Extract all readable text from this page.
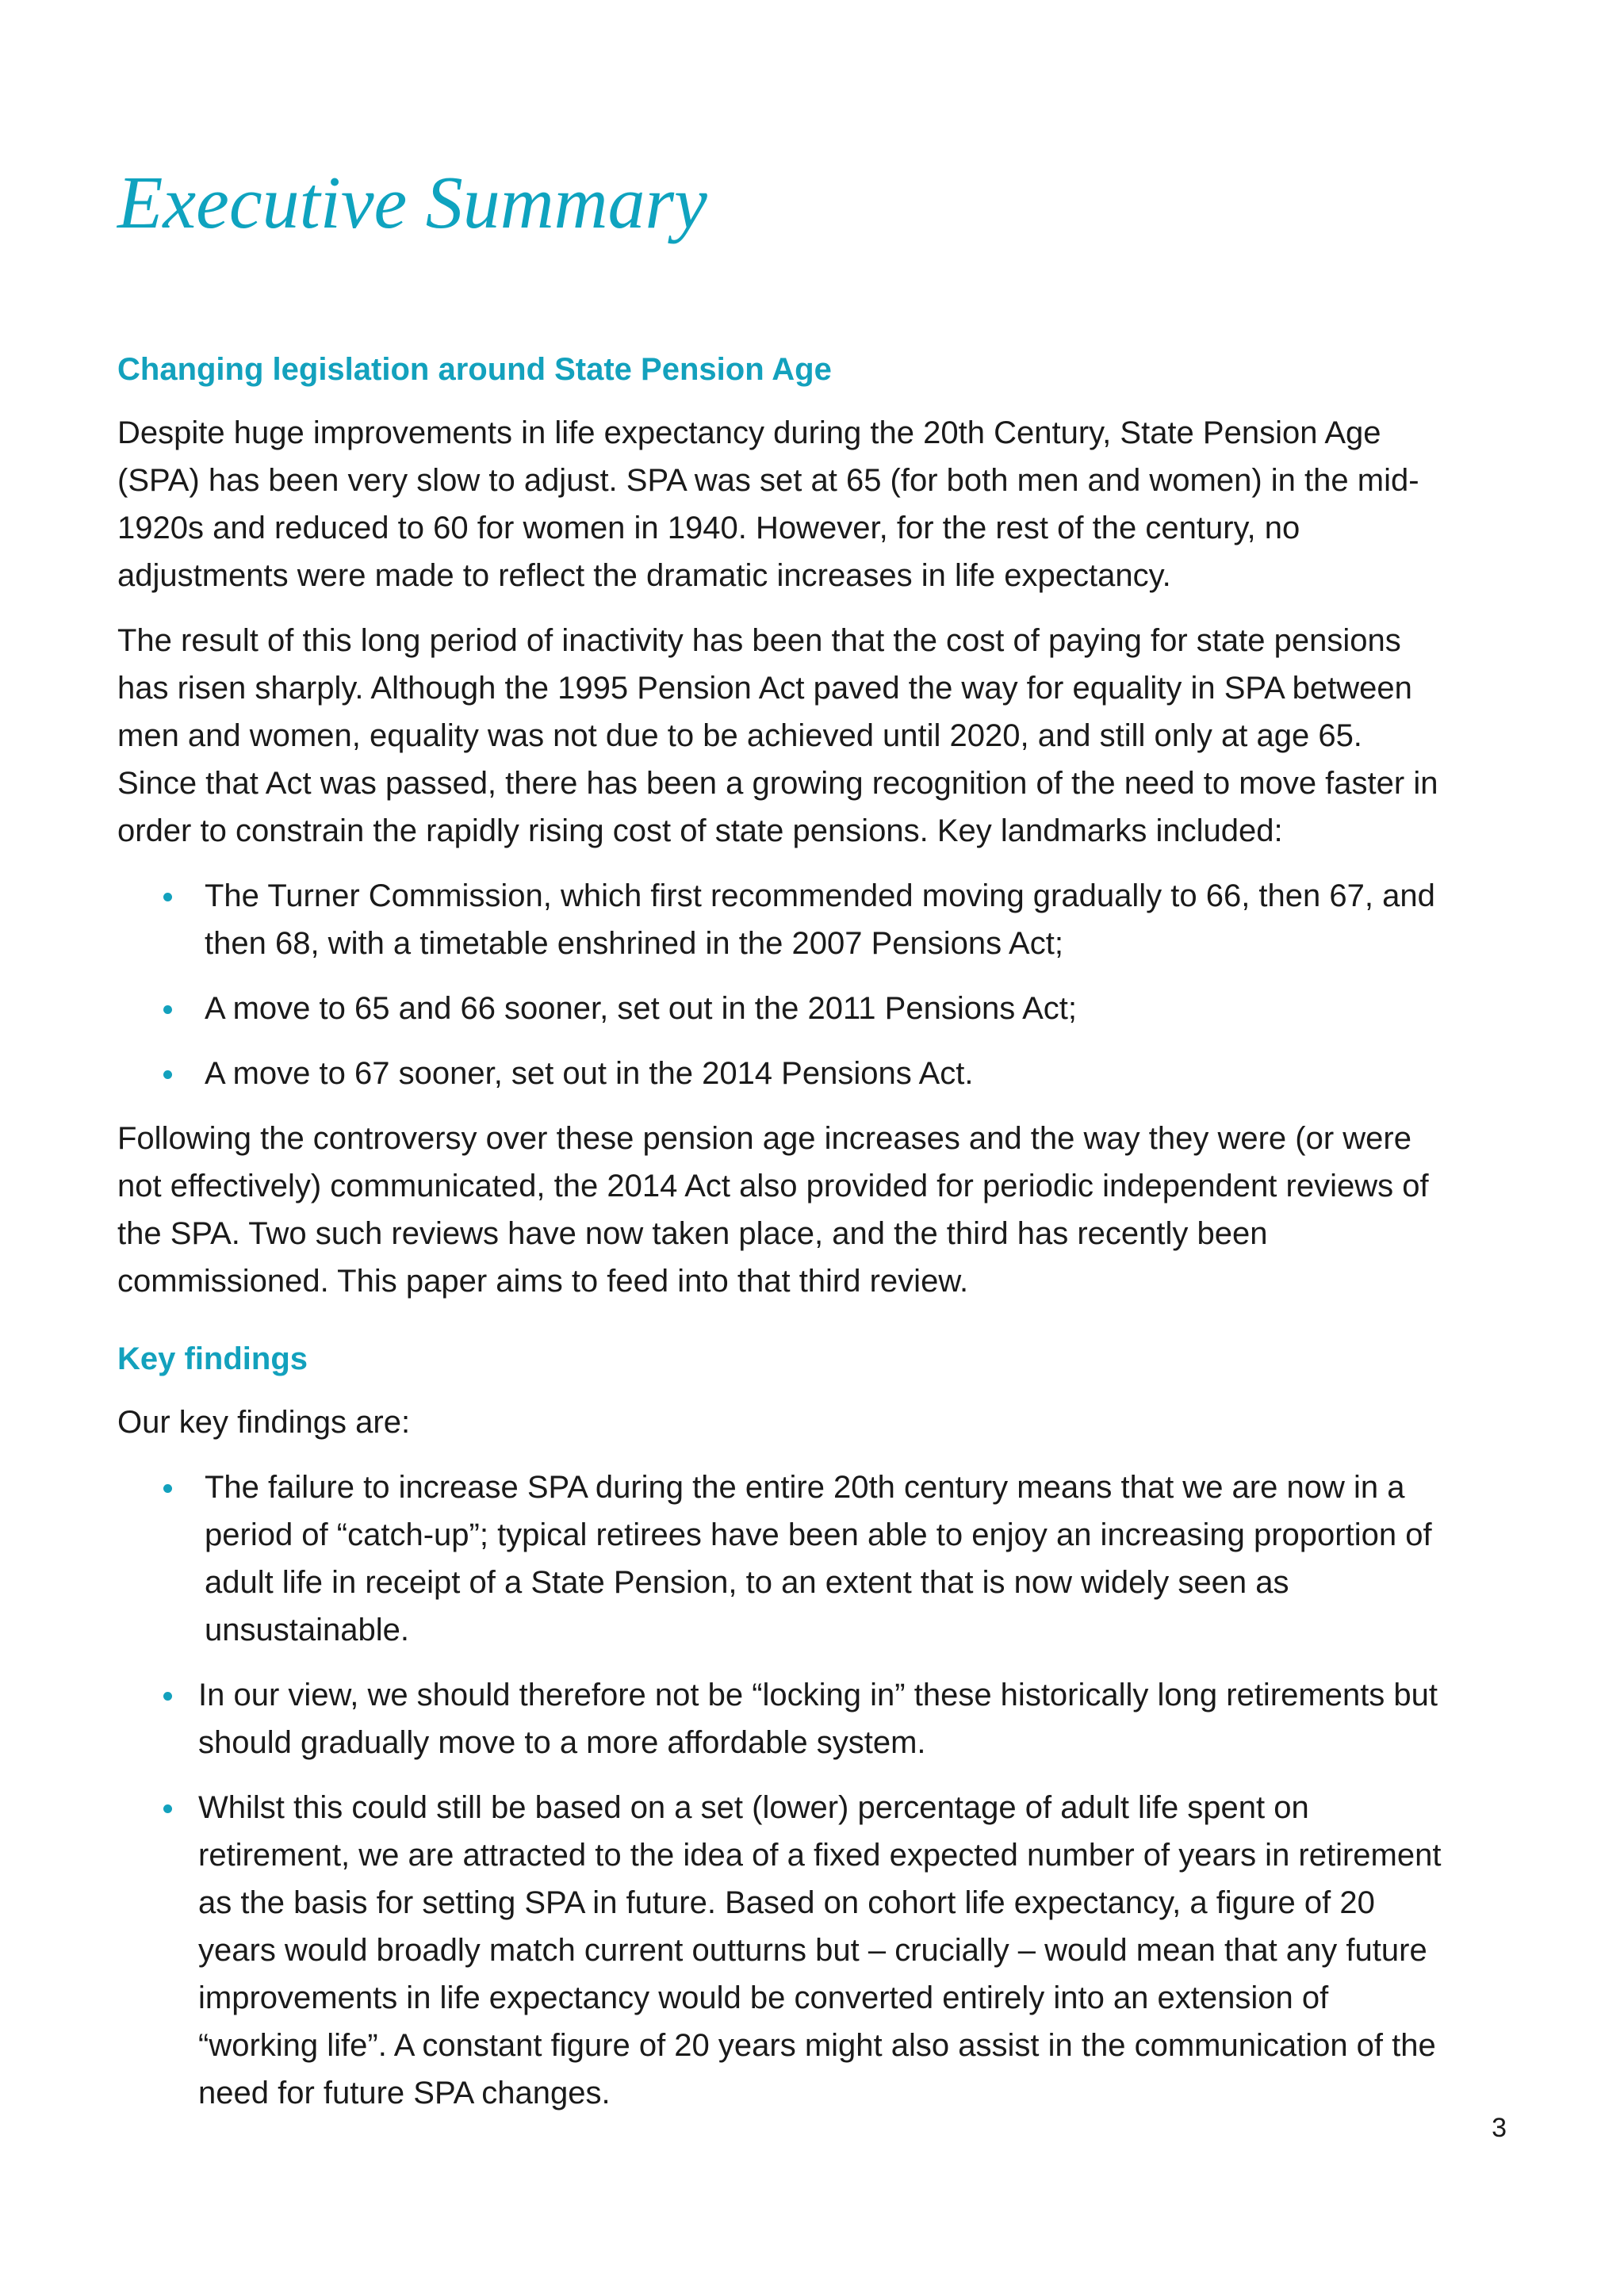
Executive Summary
Changing legislation around State Pension Age

Despite huge improvements in life expectancy during the 20th Century, State Pension Age (SPA) has been very slow to adjust. SPA was set at 65 (for both men and women) in the mid-1920s and reduced to 60 for women in 1940. However, for the rest of the century, no adjustments were made to reflect the dramatic increases in life expectancy.

The result of this long period of inactivity has been that the cost of paying for state pensions has risen sharply. Although the 1995 Pension Act paved the way for equality in SPA between men and women, equality was not due to be achieved until 2020, and still only at age 65. Since that Act was passed, there has been a growing recognition of the need to move faster in order to constrain the rapidly rising cost of state pensions. Key landmarks included:

The Turner Commission, which first recommended moving gradually to 66, then 67, and then 68, with a timetable enshrined in the 2007 Pensions Act;
A move to 65 and 66 sooner, set out in the 2011 Pensions Act;
A move to 67 sooner, set out in the 2014 Pensions Act.

Following the controversy over these pension age increases and the way they were (or were not effectively) communicated, the 2014 Act also provided for periodic independent reviews of the SPA. Two such reviews have now taken place, and the third has recently been commissioned. This paper aims to feed into that third review.

Key findings

Our key findings are:

The failure to increase SPA during the entire 20th century means that we are now in a period of “catch-up”; typical retirees have been able to enjoy an increasing proportion of adult life in receipt of a State Pension, to an extent that is now widely seen as unsustainable.
In our view, we should therefore not be “locking in” these historically long retirements but should gradually move to a more affordable system.
Whilst this could still be based on a set (lower) percentage of adult life spent on retirement, we are attracted to the idea of a fixed expected number of years in retirement as the basis for setting SPA in future. Based on cohort life expectancy, a figure of 20 years would broadly match current outturns but – crucially – would mean that any future improvements in life expectancy would be converted entirely into an extension of “working life”. A constant figure of 20 years might also assist in the communication of the need for future SPA changes.
3
